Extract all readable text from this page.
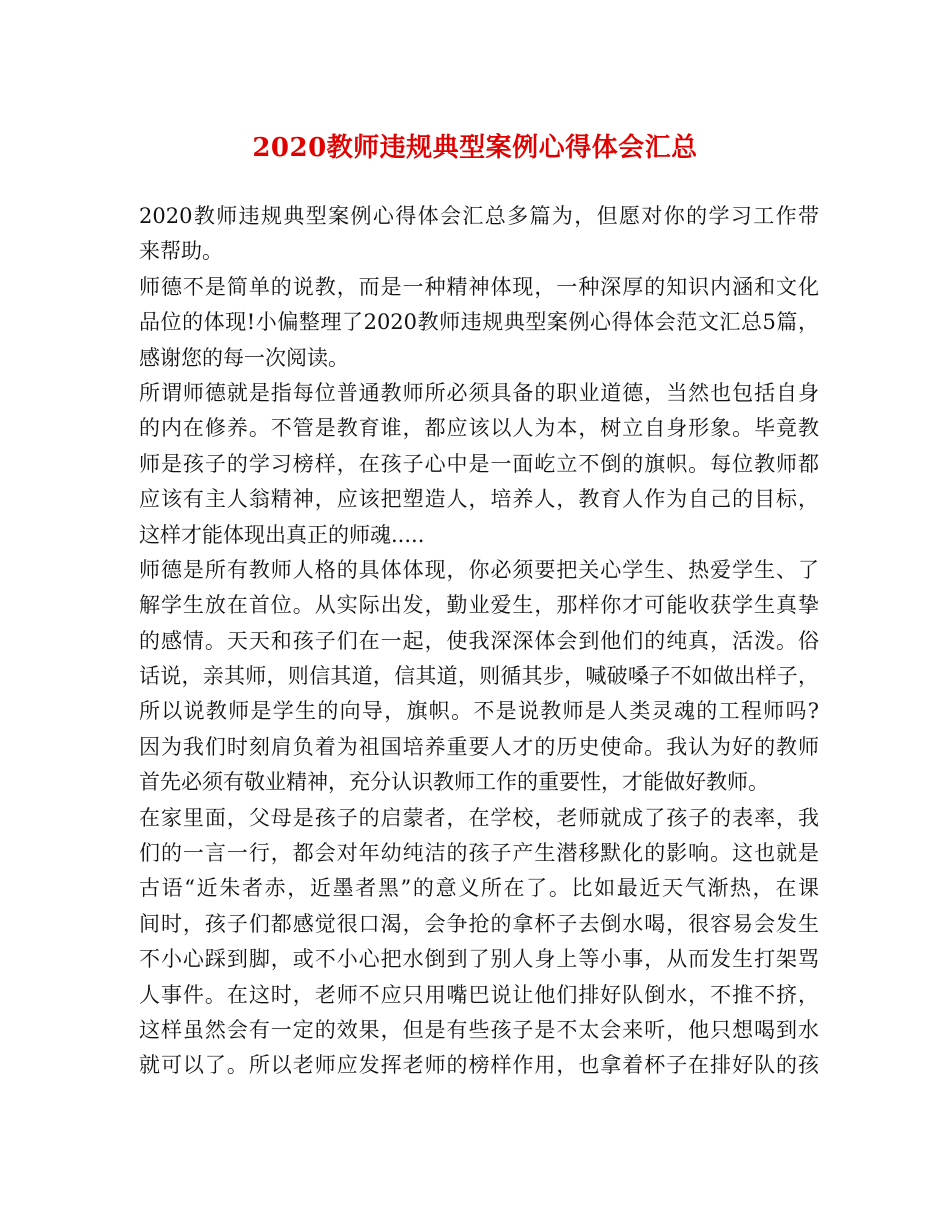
2020教师违规典型案例心得体会汇总
2020教师违规典型案例心得体会汇总多篇为，但愿对你的学习工作带
来帮助。
师德不是简单的说教，而是一种精神体现，一种深厚的知识内涵和文化
品位的体现!小偏整理了2020教师违规典型案例心得体会范文汇总5篇，
感谢您的每一次阅读。
所谓师德就是指每位普通教师所必须具备的职业道德，当然也包括自身
的内在修养。不管是教育谁，都应该以人为本，树立自身形象。毕竟教
师是孩子的学习榜样，在孩子心中是一面屹立不倒的旗帜。每位教师都
应该有主人翁精神，应该把塑造人，培养人，教育人作为自己的目标，
这样才能体现出真正的师魂.....
师德是所有教师人格的具体体现，你必须要把关心学生、热爱学生、了
解学生放在首位。从实际出发，勤业爱生，那样你才可能收获学生真挚
的感情。天天和孩子们在一起，使我深深体会到他们的纯真，活泼。俗
话说，亲其师，则信其道，信其道，则循其步，喊破嗓子不如做出样子，
所以说教师是学生的向导，旗帜。不是说教师是人类灵魂的工程师吗?
因为我们时刻肩负着为祖国培养重要人才的历史使命。我认为好的教师
首先必须有敬业精神，充分认识教师工作的重要性，才能做好教师。
在家里面，父母是孩子的启蒙者，在学校，老师就成了孩子的表率，我
们的一言一行，都会对年幼纯洁的孩子产生潜移默化的影响。这也就是
古语“近朱者赤，近墨者黑”的意义所在了。比如最近天气渐热，在课
间时，孩子们都感觉很口渴，会争抢的拿杯子去倒水喝，很容易会发生
不小心踩到脚，或不小心把水倒到了别人身上等小事，从而发生打架骂
人事件。在这时，老师不应只用嘴巴说让他们排好队倒水，不推不挤，
这样虽然会有一定的效果，但是有些孩子是不太会来听，他只想喝到水
就可以了。所以老师应发挥老师的榜样作用，也拿着杯子在排好队的孩
